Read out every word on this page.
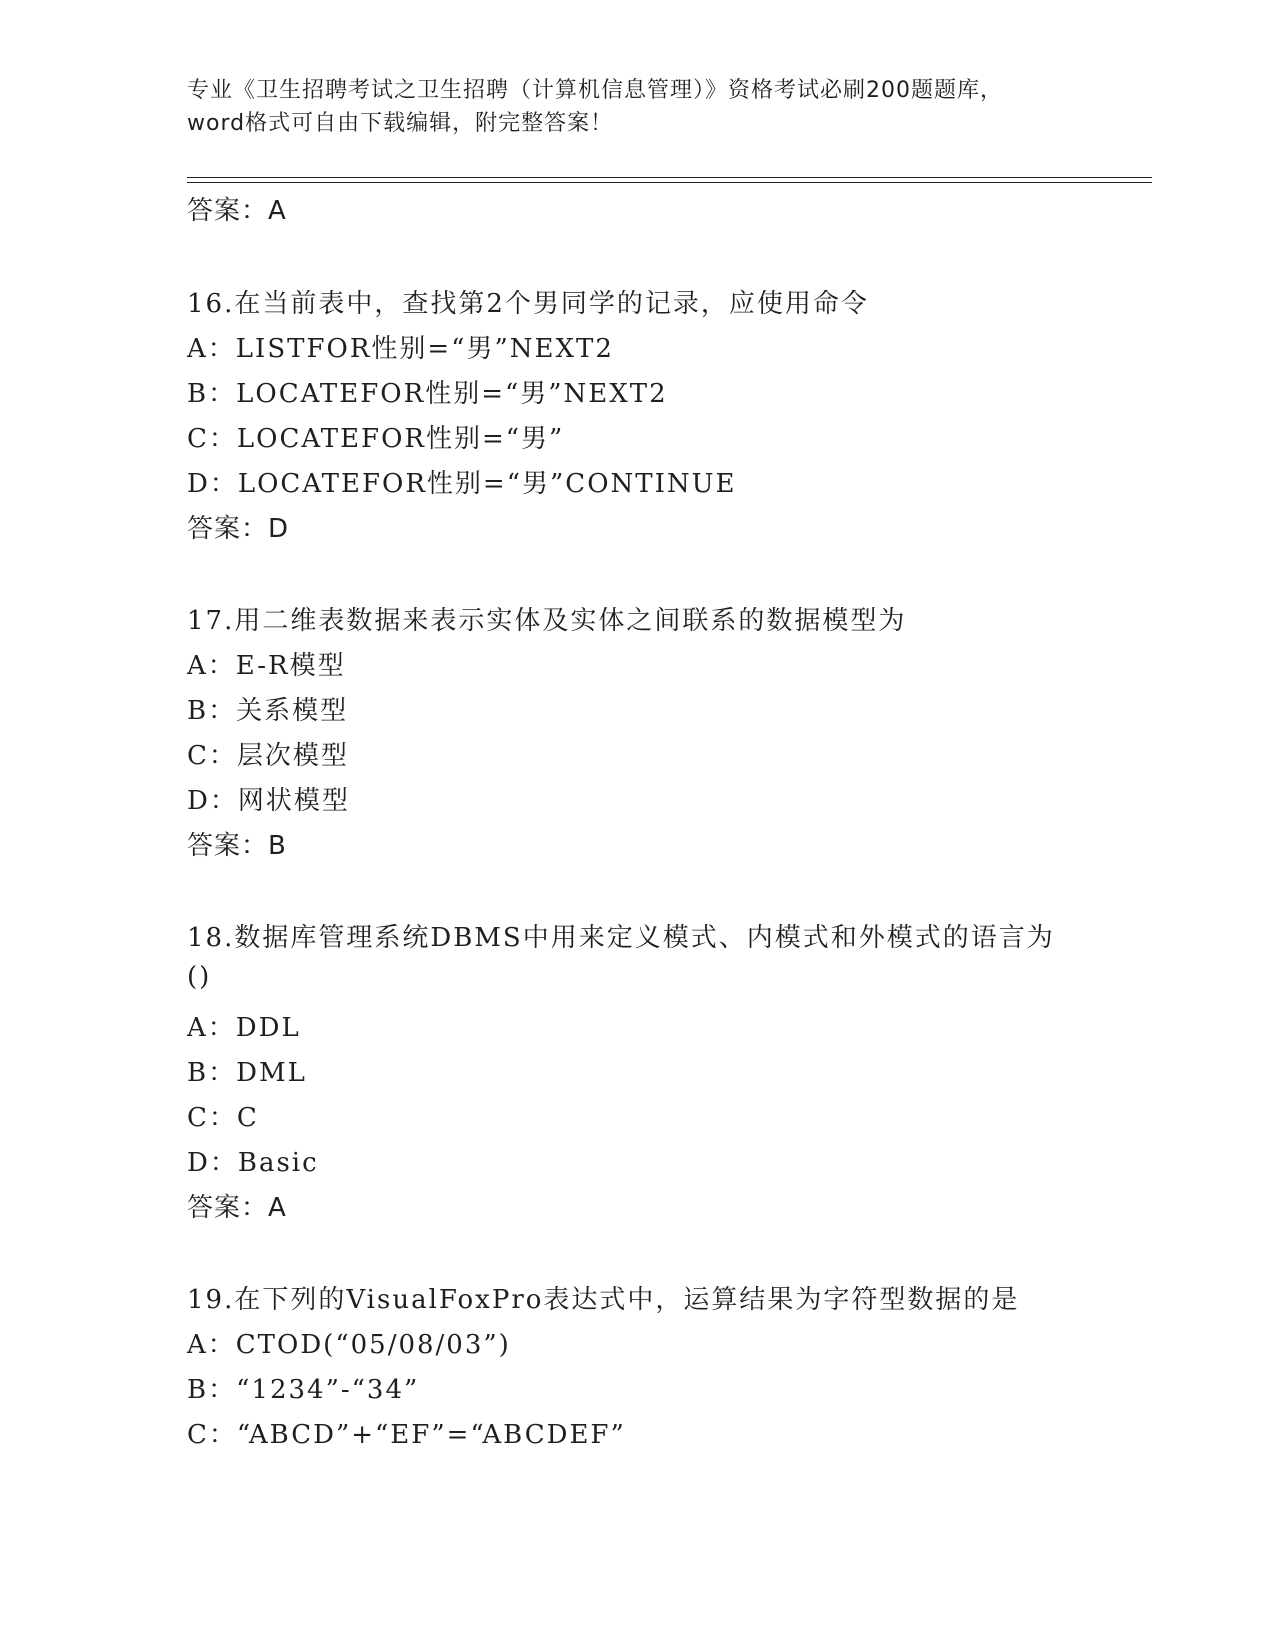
专业《卫生招聘考试之卫生招聘（计算机信息管理）》资格考试必刷200题题库，
word格式可自由下载编辑，附完整答案！
答案：A
16.在当前表中，查找第2个男同学的记录，应使用命令
A：LISTFOR性别=“男”NEXT2
B：LOCATEFOR性别=“男”NEXT2
C：LOCATEFOR性别=“男”
D：LOCATEFOR性别=“男”CONTINUE
答案：D
17.用二维表数据来表示实体及实体之间联系的数据模型为
A：E-R模型
B：关系模型
C：层次模型
D：网状模型
答案：B
18.数据库管理系统DBMS中用来定义模式、内模式和外模式的语言为
()
A：DDL
B：DML
C：C
D：Basic
答案：A
19.在下列的VisualFoxPro表达式中，运算结果为字符型数据的是
A：CTOD(“05/08/03”)
B：“1234”-“34”
C：“ABCD”+“EF”=“ABCDEF”
